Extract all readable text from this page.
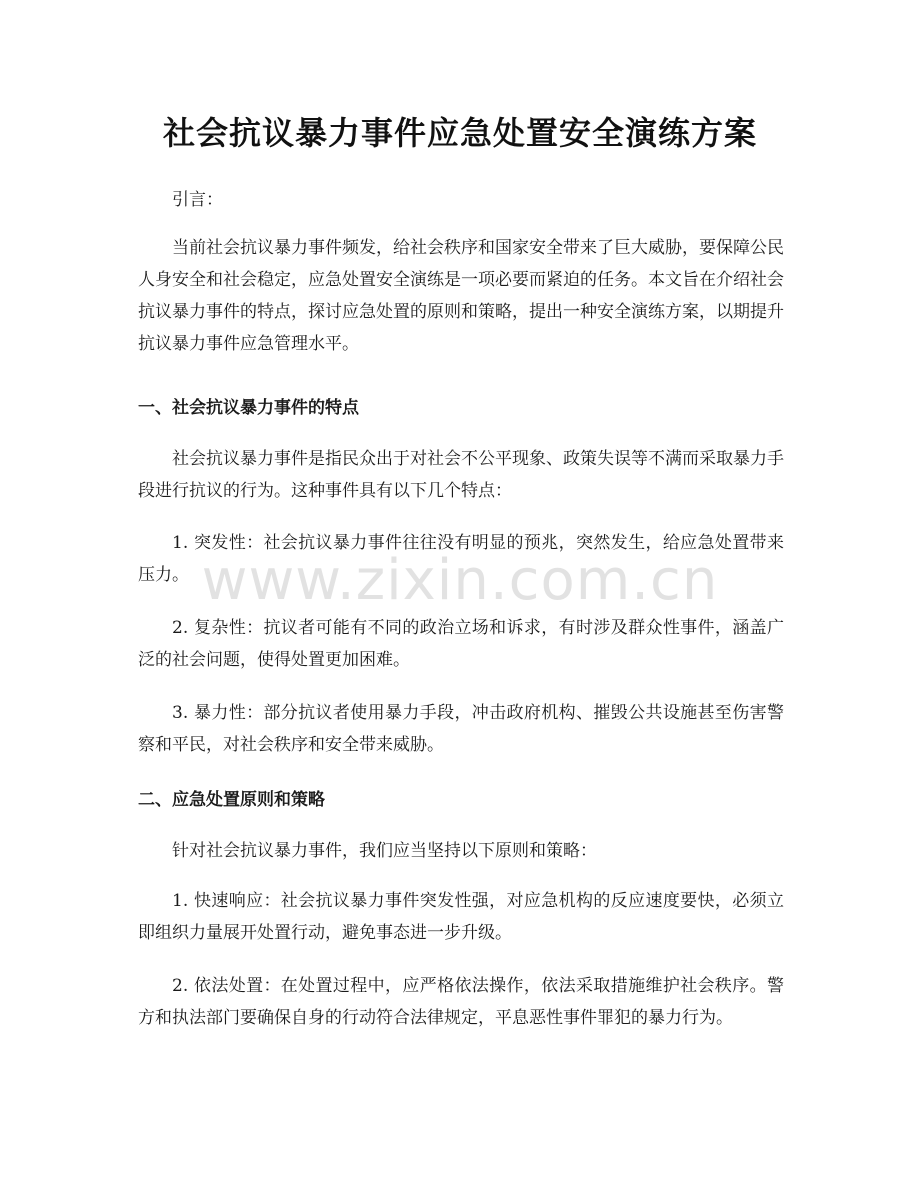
社会抗议暴力事件应急处置安全演练方案

引言：

当前社会抗议暴力事件频发，给社会秩序和国家安全带来了巨大威胁，要保障公民人身安全和社会稳定，应急处置安全演练是一项必要而紧迫的任务。本文旨在介绍社会抗议暴力事件的特点，探讨应急处置的原则和策略，提出一种安全演练方案，以期提升抗议暴力事件应急管理水平。

一、社会抗议暴力事件的特点

社会抗议暴力事件是指民众出于对社会不公平现象、政策失误等不满而采取暴力手段进行抗议的行为。这种事件具有以下几个特点：

1. 突发性：社会抗议暴力事件往往没有明显的预兆，突然发生，给应急处置带来压力。

2. 复杂性：抗议者可能有不同的政治立场和诉求，有时涉及群众性事件，涵盖广泛的社会问题，使得处置更加困难。

3. 暴力性：部分抗议者使用暴力手段，冲击政府机构、摧毁公共设施甚至伤害警察和平民，对社会秩序和安全带来威胁。

二、应急处置原则和策略

针对社会抗议暴力事件，我们应当坚持以下原则和策略：

1. 快速响应：社会抗议暴力事件突发性强，对应急机构的反应速度要快，必须立即组织力量展开处置行动，避免事态进一步升级。

2. 依法处置：在处置过程中，应严格依法操作，依法采取措施维护社会秩序。警方和执法部门要确保自身的行动符合法律规定，平息恶性事件罪犯的暴力行为。

www.zixin.com.cn
